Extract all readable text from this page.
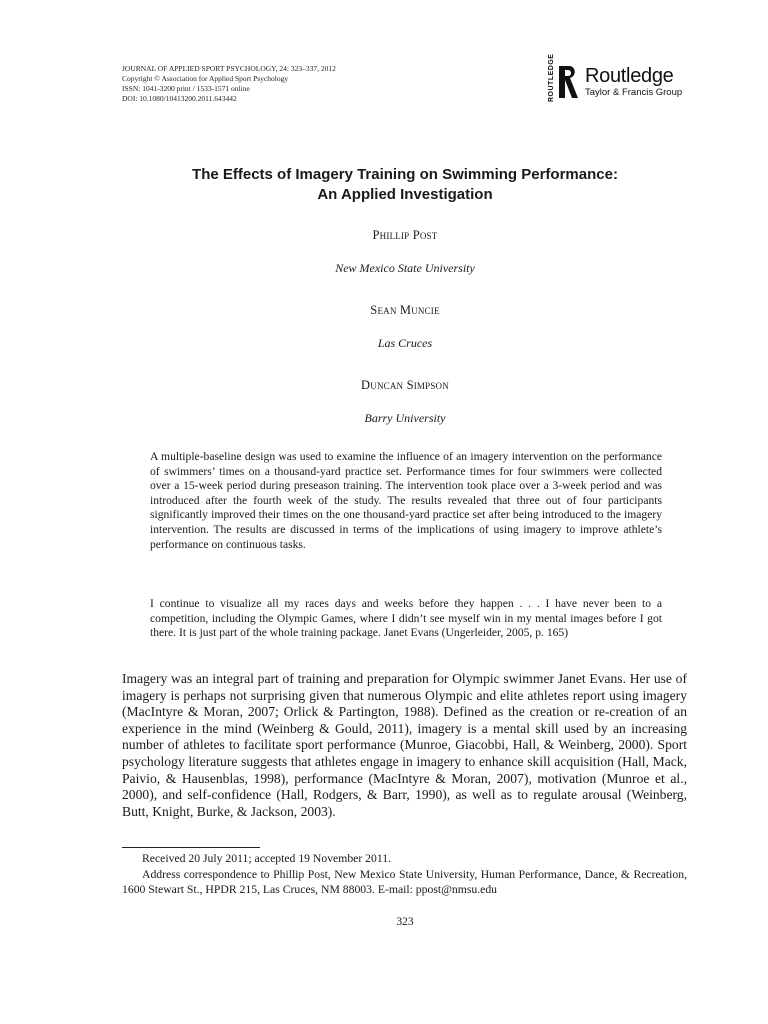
JOURNAL OF APPLIED SPORT PSYCHOLOGY, 24: 323–337, 2012
Copyright © Association for Applied Sport Psychology
ISSN: 1041-3200 print / 1533-1571 online
DOI: 10.1080/10413200.2011.643442	ROUTLEDGE Routledge
Taylor & Francis Group
The Effects of Imagery Training on Swimming Performance:
An Applied Investigation
Phillip Post
New Mexico State University
Sean Muncie
Las Cruces
Duncan Simpson
Barry University

A multiple-baseline design was used to examine the influence of an imagery intervention on the performance of swimmers’ times on a thousand-yard practice set. Performance times for four swimmers were collected over a 15-week period during preseason training. The intervention took place over a 3-week period and was introduced after the fourth week of the study. The results revealed that three out of four participants significantly improved their times on the one thousand-yard practice set after being introduced to the imagery intervention. The results are discussed in terms of the implications of using imagery to improve athlete’s performance on continuous tasks.

I continue to visualize all my races days and weeks before they happen . . . I have never been to a competition, including the Olympic Games, where I didn’t see myself win in my mental images before I got there. It is just part of the whole training package. Janet Evans (Ungerleider, 2005, p. 165)

Imagery was an integral part of training and preparation for Olympic swimmer Janet Evans. Her use of imagery is perhaps not surprising given that numerous Olympic and elite athletes report using imagery (MacIntyre & Moran, 2007; Orlick & Partington, 1988). Defined as the creation or re-creation of an experience in the mind (Weinberg & Gould, 2011), imagery is a mental skill used by an increasing number of athletes to facilitate sport performance (Munroe, Giacobbi, Hall, & Weinberg, 2000). Sport psychology literature suggests that athletes engage in imagery to enhance skill acquisition (Hall, Mack, Paivio, & Hausenblas, 1998), performance (MacIntyre & Moran, 2007), motivation (Munroe et al., 2000), and self-confidence (Hall, Rodgers, & Barr, 1990), as well as to regulate arousal (Weinberg, Butt, Knight, Burke, & Jackson, 2003).

Received 20 July 2011; accepted 19 November 2011.

Address correspondence to Phillip Post, New Mexico State University, Human Performance, Dance, & Recreation, 1600 Stewart St., HPDR 215, Las Cruces, NM 88003. E-mail: ppost@nmsu.edu

323
